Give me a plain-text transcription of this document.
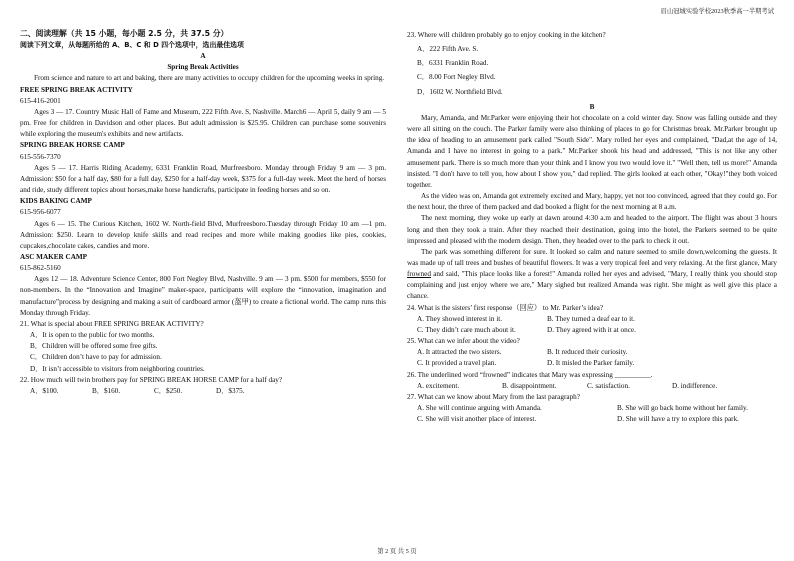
眉山冠城实验学校2023秋季高一半期考试
二、阅读理解（共 15 小题，每小题 2.5 分，共 37.5 分）
阅读下列文章，从每题所给的 A、B、C 和 D 四个选项中，选出最佳选项
A
Spring Break Activities

From science and nature to art and baking, there are many activities to occupy children for the upcoming weeks in spring.

FREE SPRING BREAK ACTIVITY
615-416-2001

Ages 3 — 17. Country Music Hall of Fame and Museum, 222 Fifth Ave. S, Nashville. March6 — April 5, daily 9 am — 5 pm. Free for children in Davidson and other places. But adult admission is $25.95. Children can purchase some souvenirs while exploring the museum's exhibits and new artifacts.

SPRING BREAK HORSE CAMP
615-556-7370

Ages 5 — 17. Harris Riding Academy, 6331 Franklin Road, Murfreesboro. Monday through Friday 9 am — 3 pm. Admission: $50 for a half day, $80 for a full day, $250 for a half-day week, $375 for a full-day week. Meet the herd of horses and ride, study different topics about horses,make horse handicrafts, participate in feeding horses and so on.

KIDS BAKING CAMP
615-956-6077

Ages 6 — 15. The Curious Kitchen, 1602 W. North-field Blvd, Murfreesboro.Tuesday through Friday 10 am —1 pm. Admission: $250. Learn to develop knife skills and read recipes and more while making goodies like pies, cookies, cupcakes,chocolate cakes, candies and more.

ASC MAKER CAMP
615-862-5160

Ages 12 — 18. Adventure Science Center, 800 Fort Negley Blvd, Nashville. 9 am — 3 pm. $500 for members, $550 for non-members. In the “Innovation and Imagine” maker-space, participants will explore the “innovation, imagination and manufacture”process by designing and making a suit of cardboard armor (盔甲) to create a fictional world. The camp runs this Monday through Friday.

21. What is special about FREE SPRING BREAK ACTIVITY?
A．It is open to the public for two months.
B．Children will be offered some free gifts.
C．Children don’t have to pay for admission.
D．It isn’t accessible to visitors from neighboring countries.
22. How much will twin brothers pay for SPRING BREAK HORSE CAMP for a half day?
A．$100.	B．$160.	C．$250.	D．$375.
23. Where will children probably go to enjoy cooking in the kitchen?
A．222 Fifth Ave. S.
B．6331 Franklin Road.
C．8.00 Fort Negley Blvd.
D．1602 W. Northfield Blvd.
B

Mary, Amanda, and Mr.Parker were enjoying their hot chocolate on a cold winter day. Snow was falling outside and they were all sitting on the couch. The Parker family were also thinking of places to go for Christmas break. Mr.Parker brought up the idea of heading to an amusement park called "South Side". Mary rolled her eyes and complained, "Dad,at the age of 14, Amanda and I have no interest in going to a park." Mr.Parker shook his head and addressed, "This is not like any other amusement park. There is so much more than your think and I know you two would love it." "Well then, tell us more!" Amanda insisted. "I don't have to tell you, how about I show you," dad replied. The girls looked at each other, "Okay!"they both voiced together.

As the video was on, Amanda got extremely excited and Mary, happy, yet not too convinced, agreed that they could go. For the next hour, the three of them packed and dad booked a flight for the next morning at 8 a.m.

The next morning, they woke up early at dawn around 4:30 a.m and headed to the airport. The flight was about 3 hours long and then they took a train. After they reached their destination, going into the hotel, the Parkers seemed to be quite impressed and pleased with the modern design. Then, they headed over to the park to check it out.

The park was something different for sure. It looked so calm and nature seemed to smile down,welcoming the guests. It was made up of tall trees and bushes of beautiful flowers. It was a very tropical feel and very relaxing. At the first glance, Mary frowned and said, "This place looks like a forest!" Amanda rolled her eyes and advised, "Mary, I really think you should stop complaining and just enjoy where we are," Mary sighed but realized Amanda was right. She might as well give this place a chance.

24. What is the sisters’ first response（回应） to Mr. Parker’s idea?
A. They showed interest in it.	B. They turned a deaf ear to it.
C. They didn’t care much about it.	D. They agreed with it at once.
25. What can we infer about the video?
A. It attracted the two sisters.	B. It reduced their curiosity.
C. It provided a travel plan.	D. It misled the Parker family.
26. The underlined word “frowned” indicates that Mary was expressing __________.
A. excitement.	B. disappointment.	C. satisfaction.	D. indifference.
27. What can we know about Mary from the last paragraph?
A. She will continue arguing with Amanda.	B. She will go back home without her family.
C. She will visit another place of interest.	D. She will have a try to explore this park.
第 2 页 共 5 页
